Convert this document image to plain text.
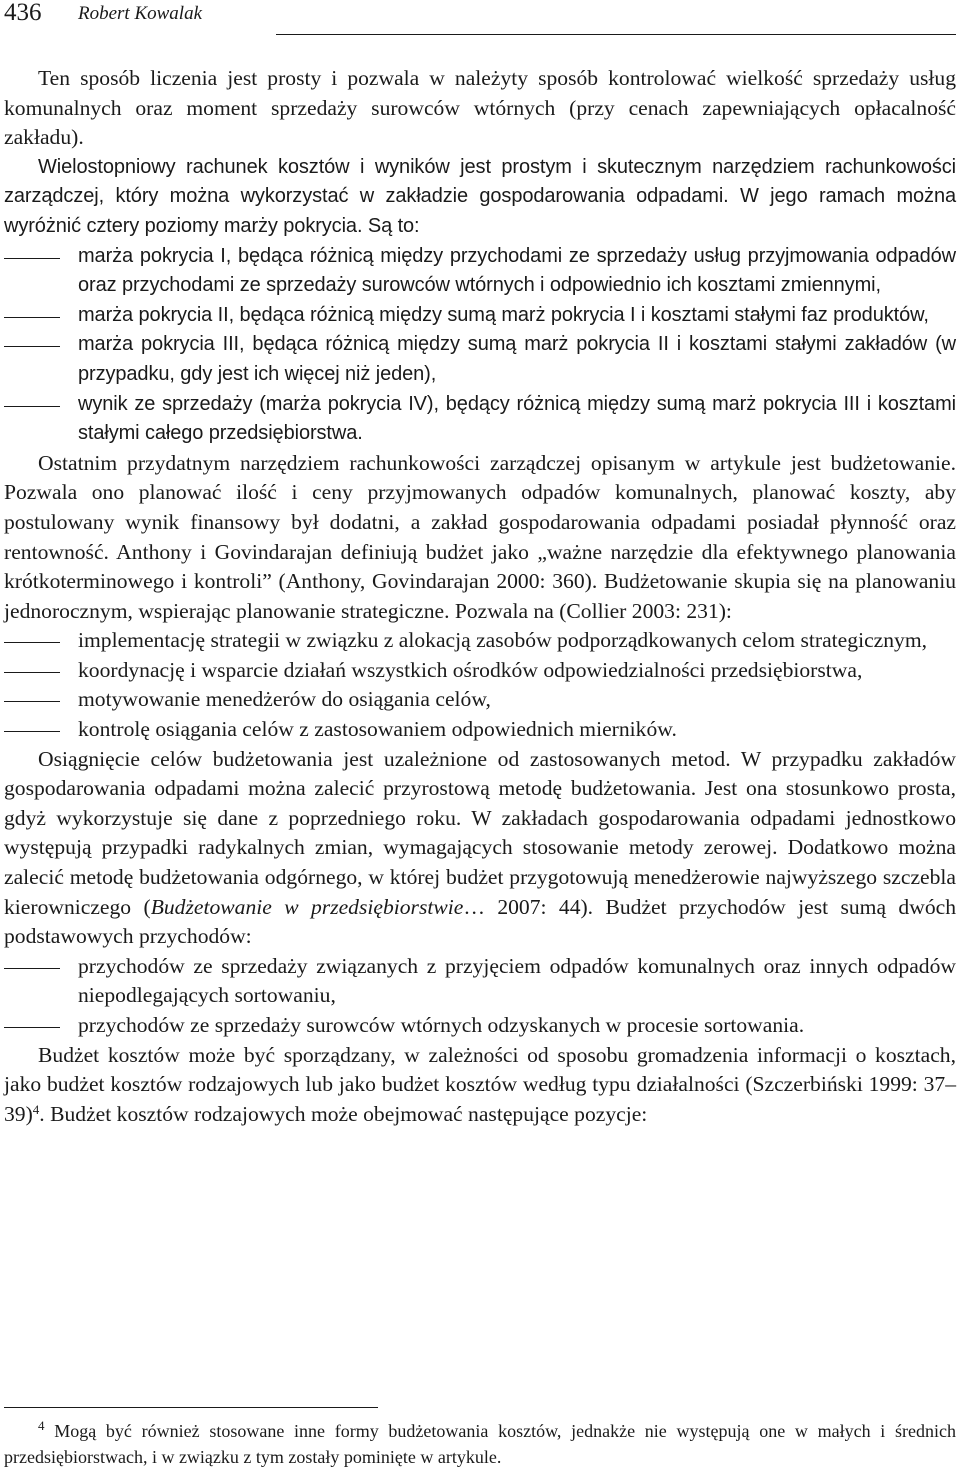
436 Robert Kowalak

Ten sposób liczenia jest prosty i pozwala w należyty sposób kontrolować wielkość sprzedaży usług komunalnych oraz moment sprzedaży surowców wtórnych (przy cenach zapewniających opłacalność zakładu).

Wielostopniowy rachunek kosztów i wyników jest prostym i skutecznym narzędziem rachunkowości zarządczej, który można wykorzystać w zakładzie gospodarowania odpadami. W jego ramach można wyróżnić cztery poziomy marży pokrycia. Są to:

marża pokrycia I, będąca różnicą między przychodami ze sprzedaży usług przyjmowania odpadów oraz przychodami ze sprzedaży surowców wtórnych i odpowiednio ich kosztami zmiennymi,
marża pokrycia II, będąca różnicą między sumą marż pokrycia I i kosztami stałymi faz produktów,
marża pokrycia III, będąca różnicą między sumą marż pokrycia II i kosztami stałymi zakładów (w przypadku, gdy jest ich więcej niż jeden),
wynik ze sprzedaży (marża pokrycia IV), będący różnicą między sumą marż pokrycia III i kosztami stałymi całego przedsiębiorstwa.

Ostatnim przydatnym narzędziem rachunkowości zarządczej opisanym w artykule jest budżetowanie. Pozwala ono planować ilość i ceny przyjmowanych odpadów komunalnych, planować koszty, aby postulowany wynik finansowy był dodatni, a zakład gospodarowania odpadami posiadał płynność oraz rentowność. Anthony i Govindarajan definiują budżet jako „ważne narzędzie dla efektywnego planowania krótkoterminowego i kontroli” (Anthony, Govindarajan 2000: 360). Budżetowanie skupia się na planowaniu jednorocznym, wspierając planowanie strategiczne. Pozwala na (Collier 2003: 231):

implementację strategii w związku z alokacją zasobów podporządkowanych celom strategicznym,
koordynację i wsparcie działań wszystkich ośrodków odpowiedzialności przedsiębiorstwa,
motywowanie menedżerów do osiągania celów,
kontrolę osiągania celów z zastosowaniem odpowiednich mierników.

Osiągnięcie celów budżetowania jest uzależnione od zastosowanych metod. W przypadku zakładów gospodarowania odpadami można zalecić przyrostową metodę budżetowania. Jest ona stosunkowo prosta, gdyż wykorzystuje się dane z poprzedniego roku. W zakładach gospodarowania odpadami jednostkowo występują przypadki radykalnych zmian, wymagających stosowanie metody zerowej. Dodatkowo można zalecić metodę budżetowania odgórnego, w której budżet przygotowują menedżerowie najwyższego szczebla kierowniczego (Budżetowanie w przedsiębiorstwie… 2007: 44). Budżet przychodów jest sumą dwóch podstawowych przychodów:

przychodów ze sprzedaży związanych z przyjęciem odpadów komunalnych oraz innych odpadów niepodlegających sortowaniu,
przychodów ze sprzedaży surowców wtórnych odzyskanych w procesie sortowania.

Budżet kosztów może być sporządzany, w zależności od sposobu gromadzenia informacji o kosztach, jako budżet kosztów rodzajowych lub jako budżet kosztów według typu działalności (Szczerbiński 1999: 37–39)$^4$. Budżet kosztów rodzajowych może obejmować następujące pozycje:

$^4$ Mogą być również stosowane inne formy budżetowania kosztów, jednakże nie występują one w małych i średnich przedsiębiorstwach, i w związku z tym zostały pominięte w artykule.
